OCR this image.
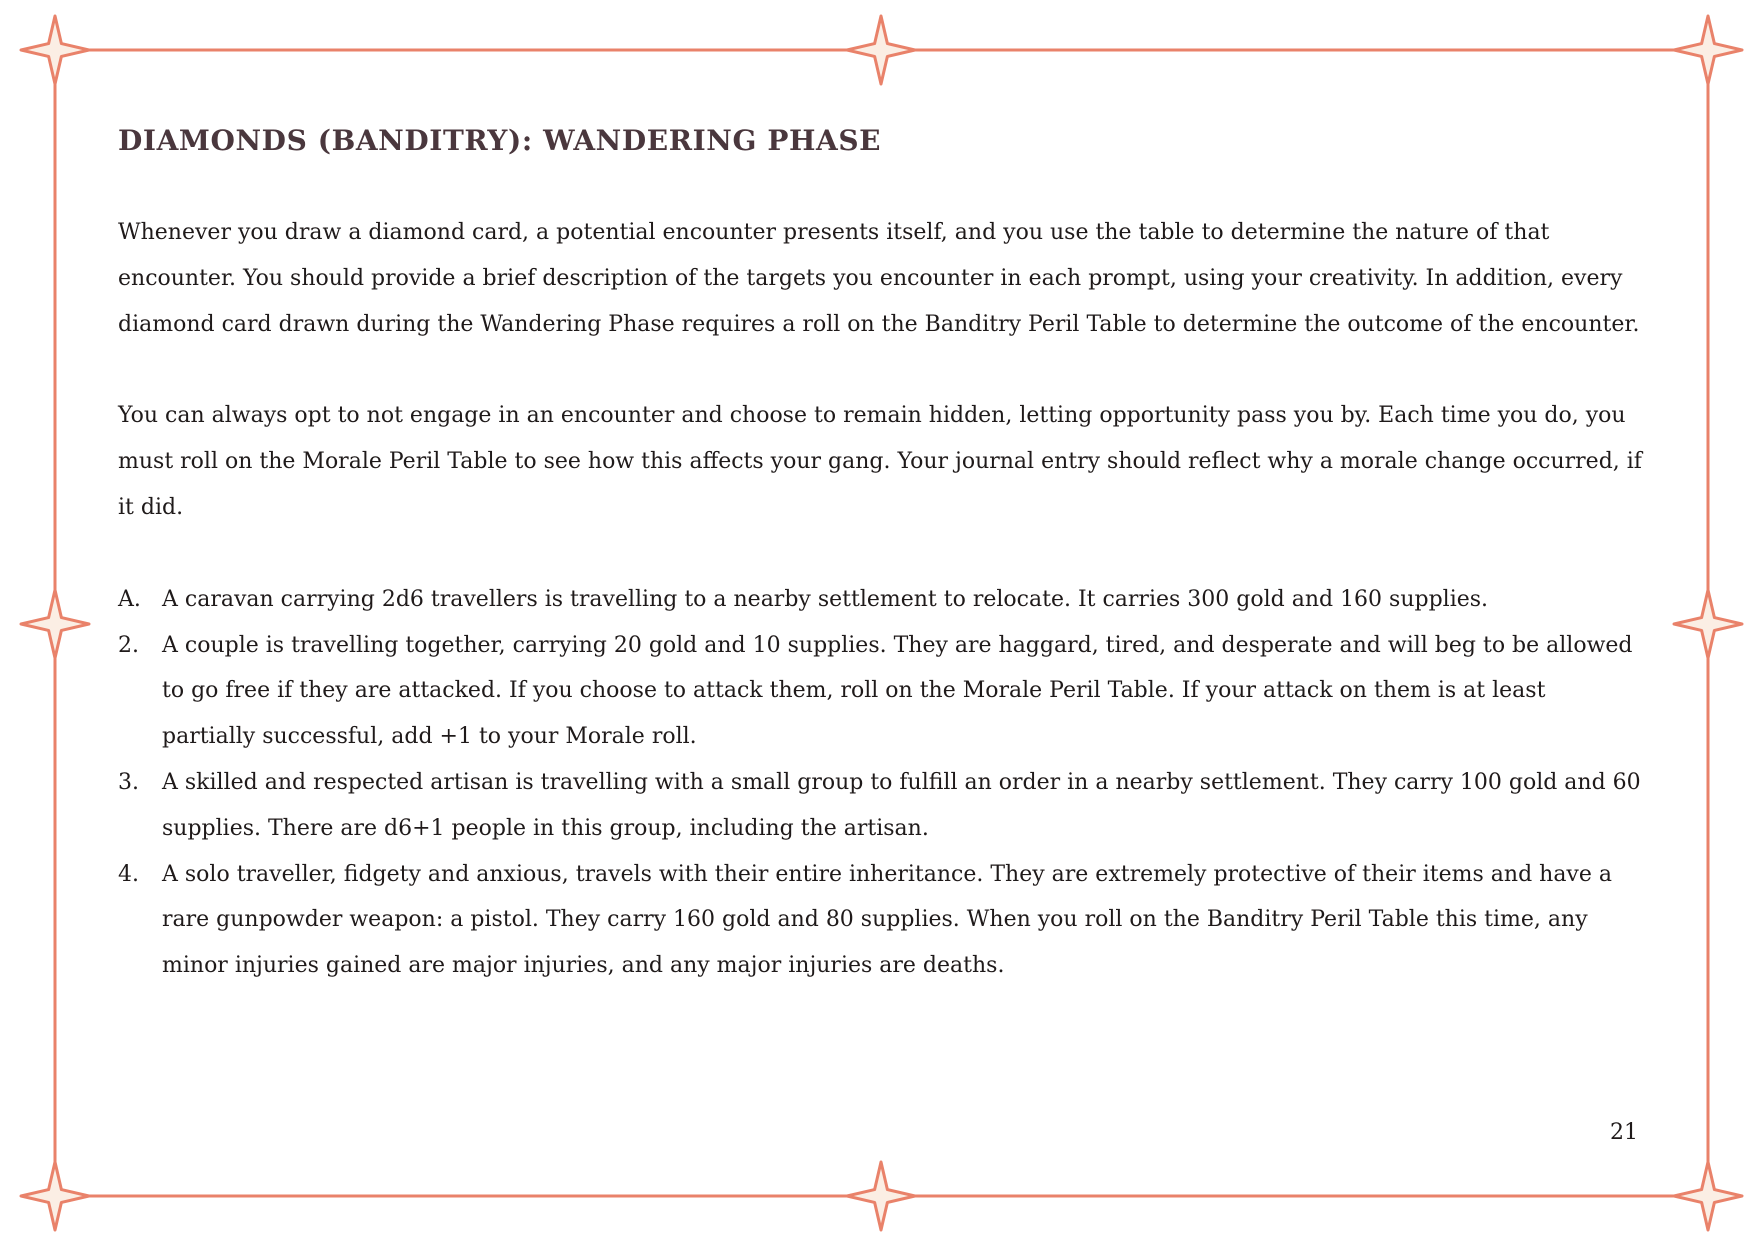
DIAMONDS (BANDITRY): WANDERING PHASE

Whenever you draw a diamond card, a potential encounter presents itself, and you use the table to determine the nature of that encounter. You should provide a brief description of the targets you encounter in each prompt, using your creativity. In addition, every diamond card drawn during the Wandering Phase requires a roll on the Banditry Peril Table to determine the outcome of the encounter.

You can always opt to not engage in an encounter and choose to remain hidden, letting opportunity pass you by. Each time you do, you must roll on the Morale Peril Table to see how this affects your gang. Your journal entry should reflect why a morale change occurred, if it did.

A. A caravan carrying 2d6 travellers is travelling to a nearby settlement to relocate. It carries 300 gold and 160 supplies.
2. A couple is travelling together, carrying 20 gold and 10 supplies. They are haggard, tired, and desperate and will beg to be allowed to go free if they are attacked. If you choose to attack them, roll on the Morale Peril Table. If your attack on them is at least partially successful, add +1 to your Morale roll.
3. A skilled and respected artisan is travelling with a small group to fulfill an order in a nearby settlement. They carry 100 gold and 60 supplies. There are d6+1 people in this group, including the artisan.
4. A solo traveller, fidgety and anxious, travels with their entire inheritance. They are extremely protective of their items and have a rare gunpowder weapon: a pistol. They carry 160 gold and 80 supplies. When you roll on the Banditry Peril Table this time, any minor injuries gained are major injuries, and any major injuries are deaths.
21
